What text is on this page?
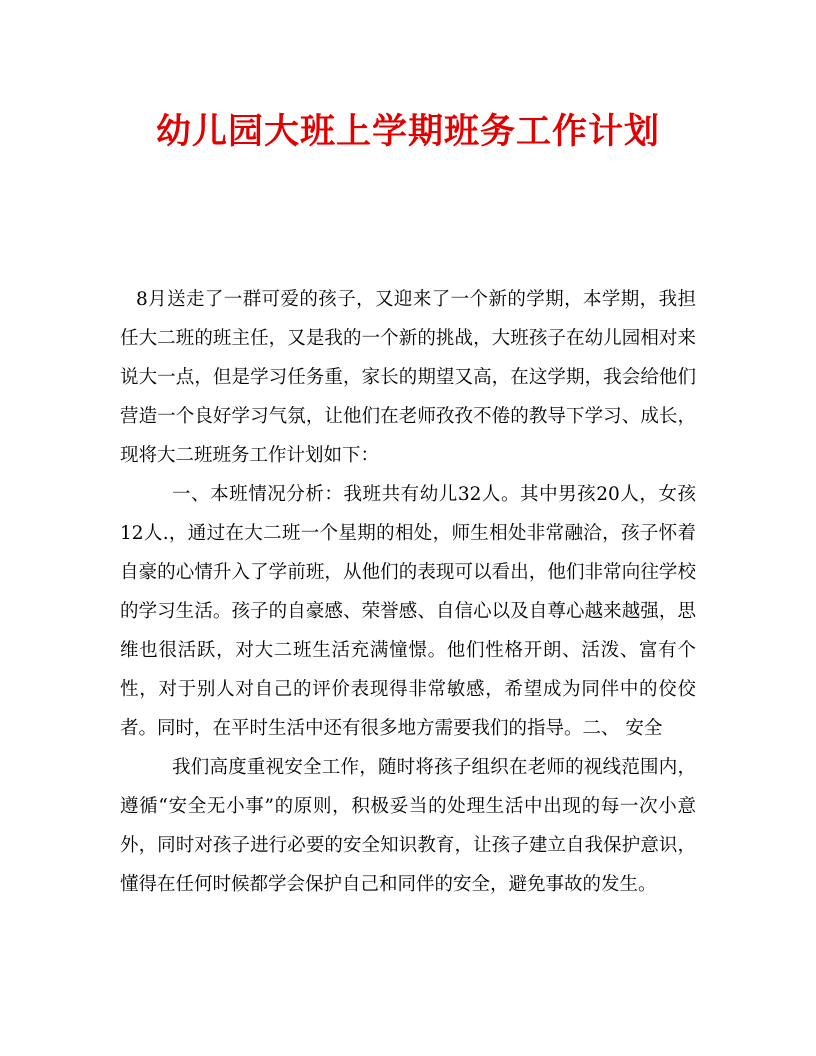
幼儿园大班上学期班务工作计划

8月送走了一群可爱的孩子，又迎来了一个新的学期，本学期，我担任大二班的班主任，又是我的一个新的挑战，大班孩子在幼儿园相对来说大一点，但是学习任务重，家长的期望又高，在这学期，我会给他们营造一个良好学习气氛，让他们在老师孜孜不倦的教导下学习、成长，现将大二班班务工作计划如下：

一、本班情况分析：我班共有幼儿32人。其中男孩20人，女孩12人.，通过在大二班一个星期的相处，师生相处非常融洽，孩子怀着自豪的心情升入了学前班，从他们的表现可以看出，他们非常向往学校的学习生活。孩子的自豪感、荣誉感、自信心以及自尊心越来越强，思维也很活跃，对大二班生活充满憧憬。他们性格开朗、活泼、富有个性，对于别人对自己的评价表现得非常敏感，希望成为同伴中的佼佼者。同时，在平时生活中还有很多地方需要我们的指导。二、 安全

我们高度重视安全工作，随时将孩子组织在老师的视线范围内，遵循“安全无小事”的原则，积极妥当的处理生活中出现的每一次小意外，同时对孩子进行必要的安全知识教育，让孩子建立自我保护意识，懂得在任何时候都学会保护自己和同伴的安全，避免事故的发生。
